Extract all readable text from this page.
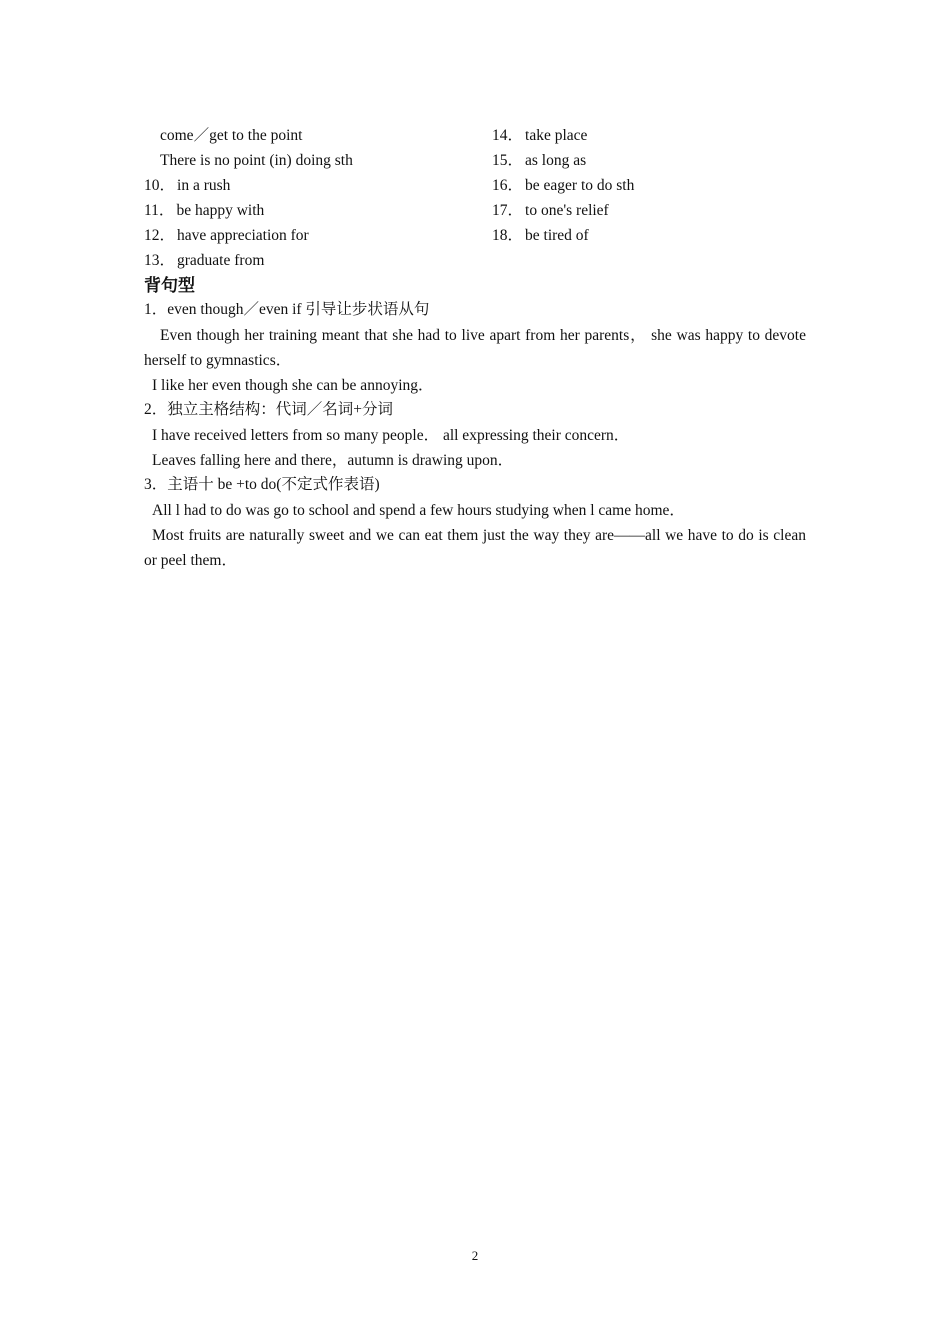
come／get to the point
There is no point (in) doing sth
10． in a rush
11． be happy with
12． have appreciation for
13． graduate from
14． take place
15． as long as
16． be eager to do sth
17． to one's relief
18． be tired of
背句型
1．even though／even if 引导让步状语从句
Even though her training meant that she had to live apart from her parents， she was happy to devote herself to gymnastics．
I like her even though she can be annoying．
2．独立主格结构：代词／名词+分词
I have received letters from so many people． all expressing their concern．
Leaves falling here and there，autumn is drawing upon．
3．主语十 be +to do(不定式作表语)
All l had to do was go to school and spend a few hours studying when l came home．
Most fruits are naturally sweet and we can eat them just the way they are——all we have to do is clean or peel them．
2
